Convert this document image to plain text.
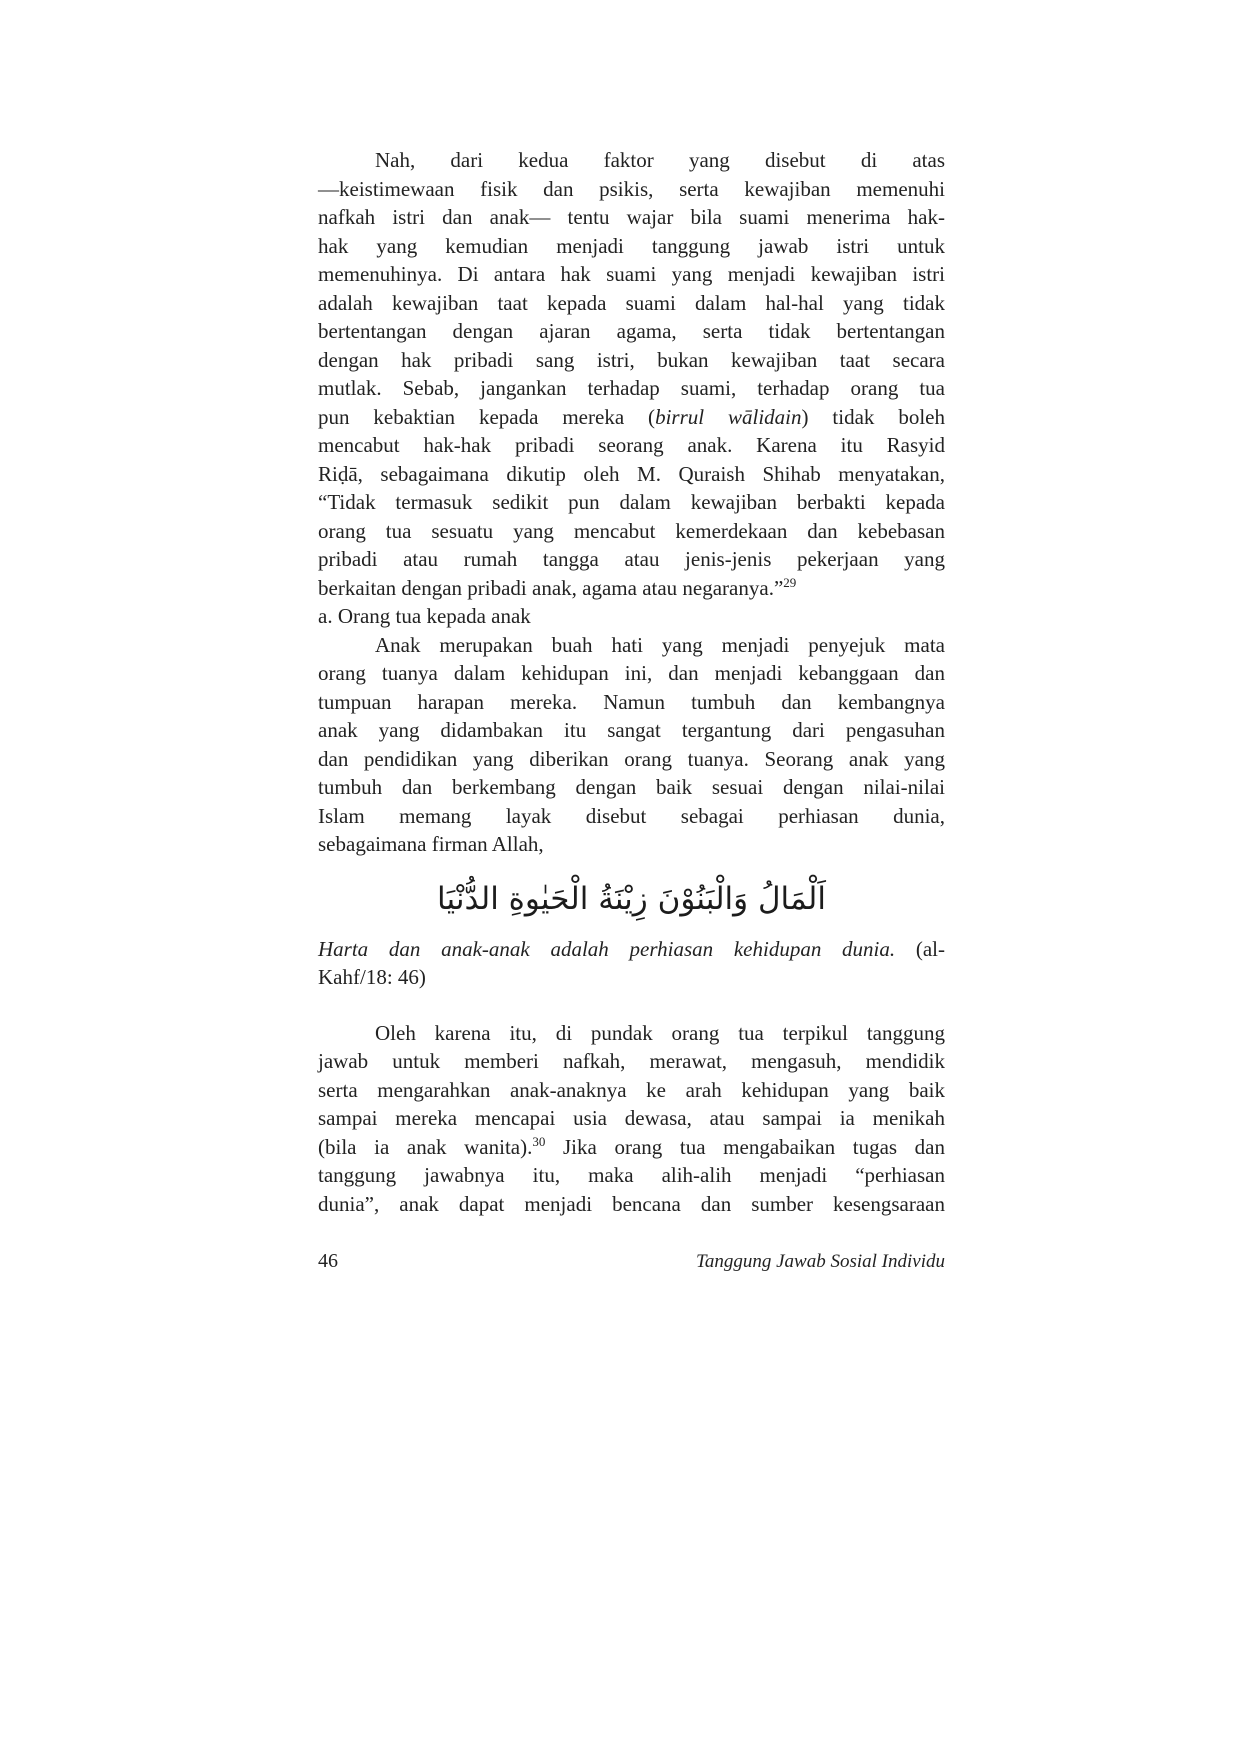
Nah, dari kedua faktor yang disebut di atas
—keistimewaan fisik dan psikis, serta kewajiban memenuhi
nafkah istri dan anak— tentu wajar bila suami menerima hak-
hak yang kemudian menjadi tanggung jawab istri untuk
memenuhinya. Di antara hak suami yang menjadi kewajiban istri
adalah kewajiban taat kepada suami dalam hal-hal yang tidak
bertentangan dengan ajaran agama, serta tidak bertentangan
dengan hak pribadi sang istri, bukan kewajiban taat secara
mutlak. Sebab, jangankan terhadap suami, terhadap orang tua
pun kebaktian kepada mereka (birrul wālidain) tidak boleh
mencabut hak-hak pribadi seorang anak. Karena itu Rasyid
Riḍā, sebagaimana dikutip oleh M. Quraish Shihab menyatakan,
“Tidak termasuk sedikit pun dalam kewajiban berbakti kepada
orang tua sesuatu yang mencabut kemerdekaan dan kebebasan
pribadi atau rumah tangga atau jenis-jenis pekerjaan yang
berkaitan dengan pribadi anak, agama atau negaranya.”$^{29}$

a. Orang tua kepada anak

Anak merupakan buah hati yang menjadi penyejuk mata
orang tuanya dalam kehidupan ini, dan menjadi kebanggaan dan
tumpuan harapan mereka. Namun tumbuh dan kembangnya
anak yang didambakan itu sangat tergantung dari pengasuhan
dan pendidikan yang diberikan orang tuanya. Seorang anak yang
tumbuh dan berkembang dengan baik sesuai dengan nilai-nilai
Islam memang layak disebut sebagai perhiasan dunia,
sebagaimana firman Allah,

اَلْمَالُ وَالْبَنُوْنَ زِيْنَةُ الْحَيٰوةِ الدُّنْيَا

Harta dan anak-anak adalah perhiasan kehidupan dunia. (al-
Kahf/18: 46)

Oleh karena itu, di pundak orang tua terpikul tanggung
jawab untuk memberi nafkah, merawat, mengasuh, mendidik
serta mengarahkan anak-anaknya ke arah kehidupan yang baik
sampai mereka mencapai usia dewasa, atau sampai ia menikah
(bila ia anak wanita).$^{30}$ Jika orang tua mengabaikan tugas dan
tanggung jawabnya itu, maka alih-alih menjadi “perhiasan
dunia”, anak dapat menjadi bencana dan sumber kesengsaraan

46	Tanggung Jawab Sosial Individu
